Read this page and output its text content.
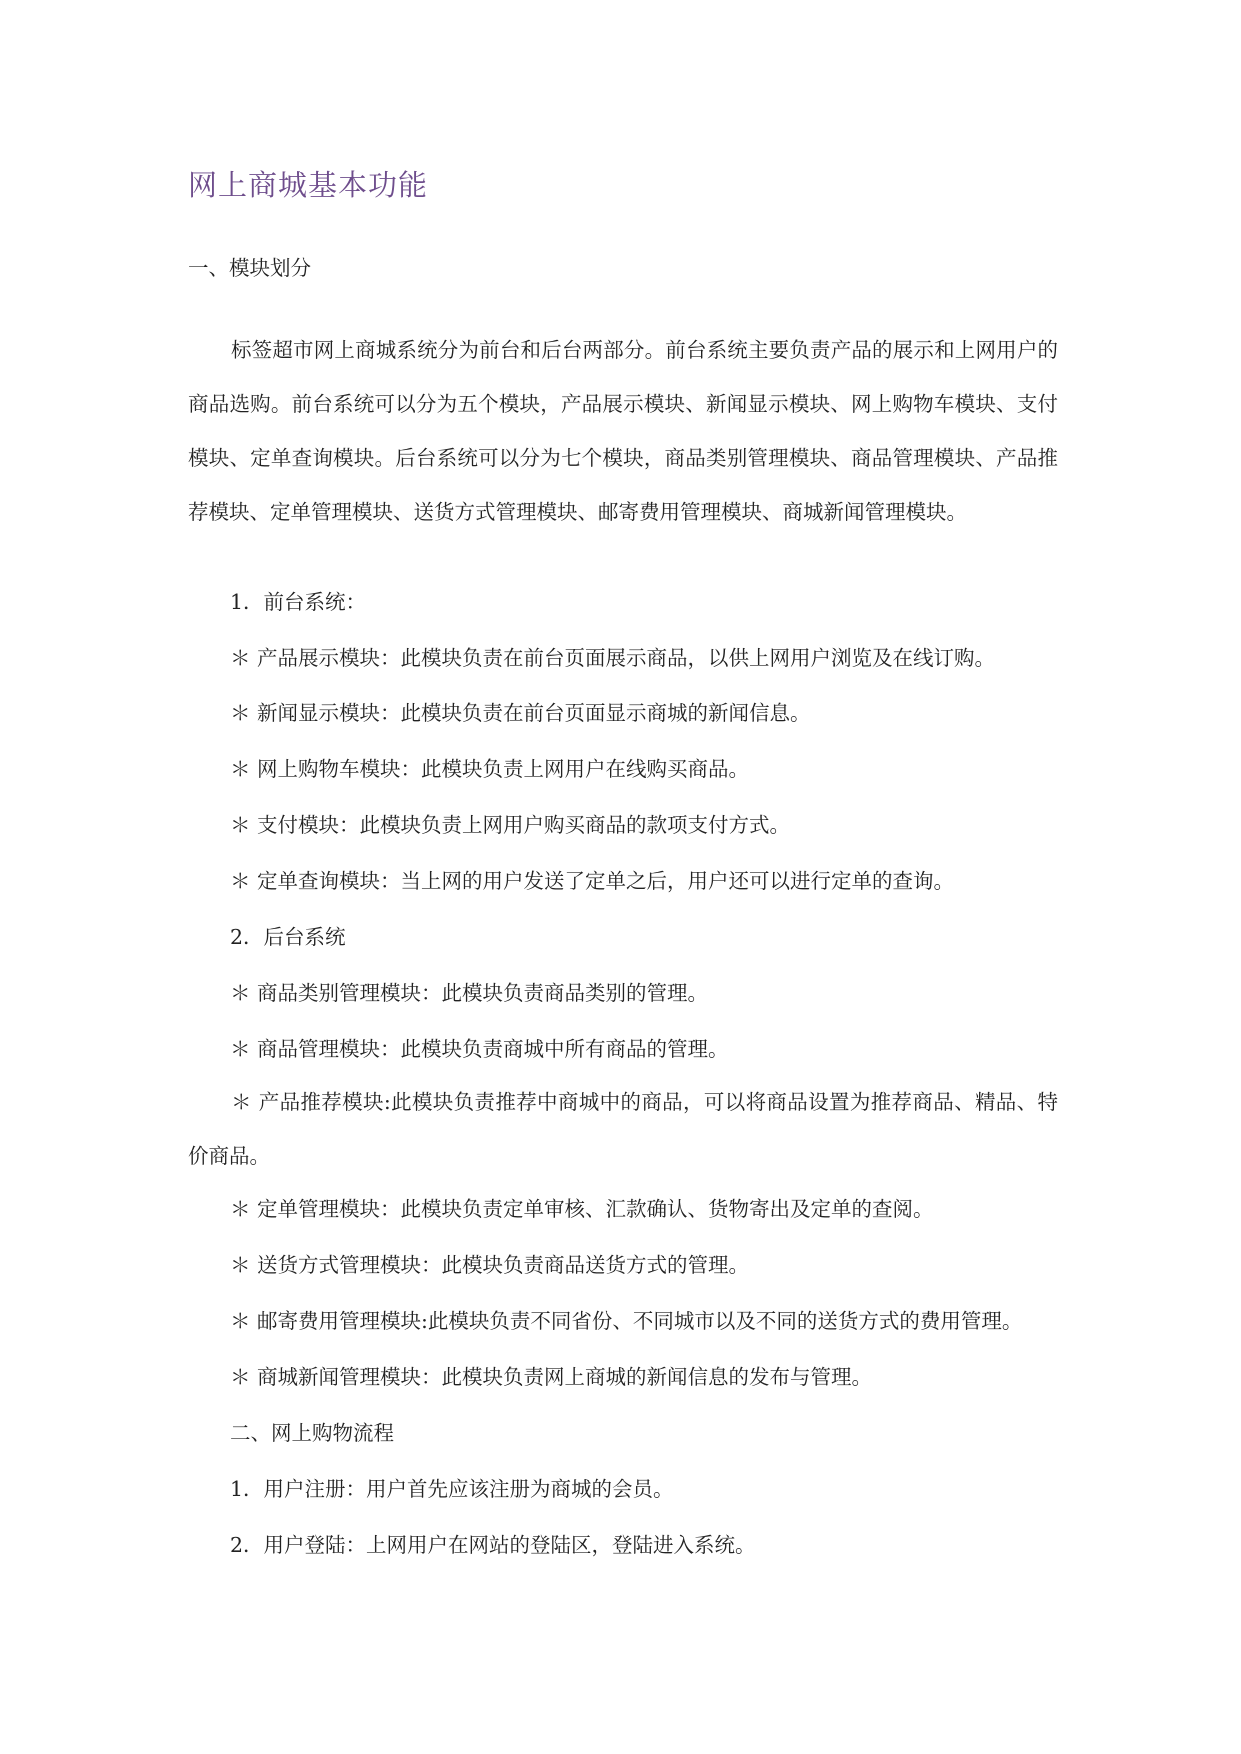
网上商城基本功能
一、模块划分

标签超市网上商城系统分为前台和后台两部分。前台系统主要负责产品的展示和上网用户的商品选购。前台系统可以分为五个模块，产品展示模块、新闻显示模块、网上购物车模块、支付模块、定单查询模块。后台系统可以分为七个模块，商品类别管理模块、商品管理模块、产品推荐模块、定单管理模块、送货方式管理模块、邮寄费用管理模块、商城新闻管理模块。

1．前台系统：
＊ 产品展示模块：此模块负责在前台页面展示商品，以供上网用户浏览及在线订购。
＊ 新闻显示模块：此模块负责在前台页面显示商城的新闻信息。
＊ 网上购物车模块：此模块负责上网用户在线购买商品。
＊ 支付模块：此模块负责上网用户购买商品的款项支付方式。
＊ 定单查询模块：当上网的用户发送了定单之后，用户还可以进行定单的查询。
2．后台系统
＊ 商品类别管理模块：此模块负责商品类别的管理。
＊ 商品管理模块：此模块负责商城中所有商品的管理。

＊ 产品推荐模块:此模块负责推荐中商城中的商品，可以将商品设置为推荐商品、精品、特价商品。

＊ 定单管理模块：此模块负责定单审核、汇款确认、货物寄出及定单的查阅。
＊ 送货方式管理模块：此模块负责商品送货方式的管理。
＊ 邮寄费用管理模块:此模块负责不同省份、不同城市以及不同的送货方式的费用管理。
＊ 商城新闻管理模块：此模块负责网上商城的新闻信息的发布与管理。
二、网上购物流程
1．用户注册：用户首先应该注册为商城的会员。
2．用户登陆：上网用户在网站的登陆区，登陆进入系统。
